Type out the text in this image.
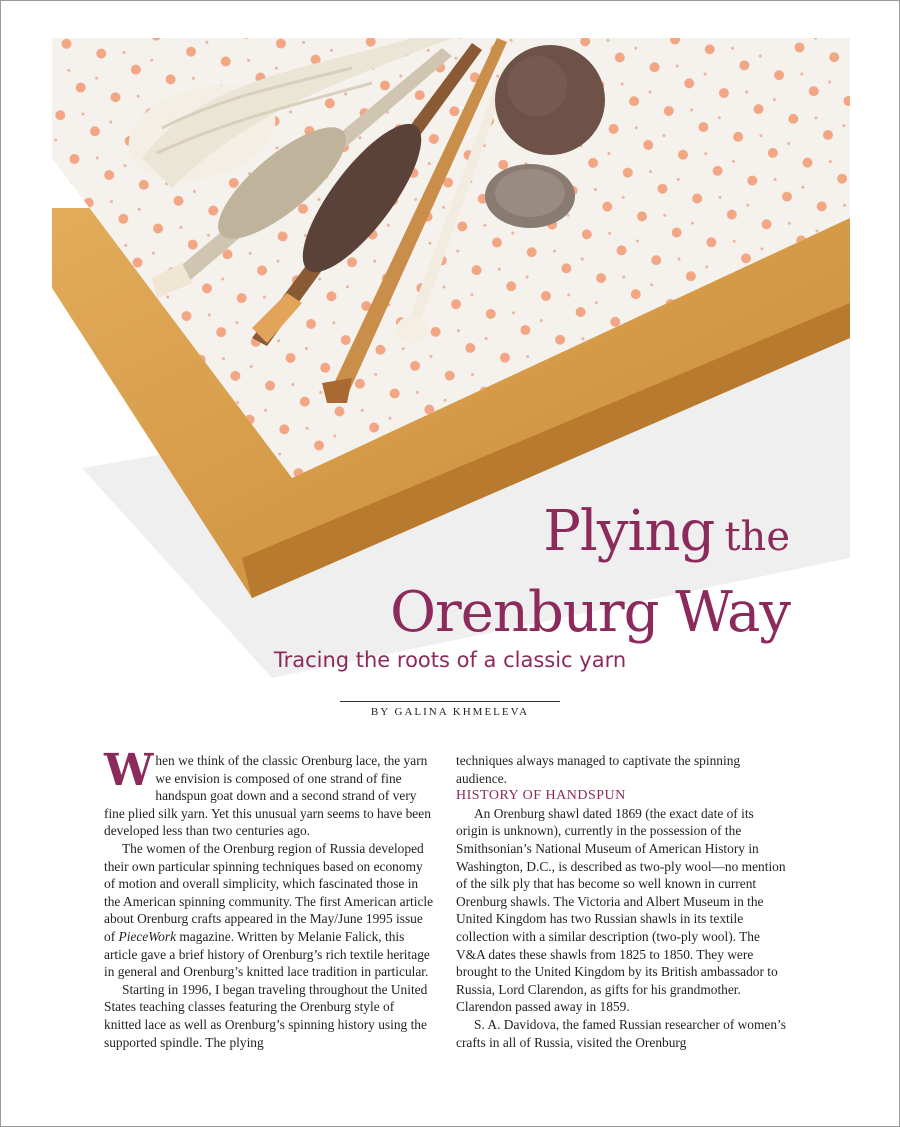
Plying the
Orenburg Way

Tracing the roots of a classic yarn

BY GALINA KHMELEVA

When we think of the classic Orenburg lace, the yarn we envision is composed of one strand of fine handspun goat down and a second strand of very fine plied silk yarn. Yet this unusual yarn seems to have been developed less than two centuries ago.

The women of the Orenburg region of Russia developed their own particular spinning techniques based on economy of motion and overall simplicity, which fascinated those in the American spinning community. The first American article about Orenburg crafts appeared in the May/June 1995 issue of PieceWork magazine. Written by Melanie Falick, this article gave a brief history of Orenburg’s rich textile heritage in general and Orenburg’s knitted lace tradition in particular.

Starting in 1996, I began traveling throughout the United States teaching classes featuring the Orenburg style of knitted lace as well as Orenburg’s spinning history using the supported spindle. The plying

techniques always managed to captivate the spinning audience.

HISTORY OF HANDSPUN

An Orenburg shawl dated 1869 (the exact date of its origin is unknown), currently in the possession of the Smithsonian’s National Museum of American History in Washington, D.C., is described as two-ply wool—no mention of the silk ply that has become so well known in current Orenburg shawls. The Victoria and Albert Museum in the United Kingdom has two Russian shawls in its textile collection with a similar description (two-ply wool). The V&A dates these shawls from 1825 to 1850. They were brought to the United Kingdom by its British ambassador to Russia, Lord Clarendon, as gifts for his grandmother. Clarendon passed away in 1859.

S. A. Davidova, the famed Russian researcher of women’s crafts in all of Russia, visited the Orenburg
